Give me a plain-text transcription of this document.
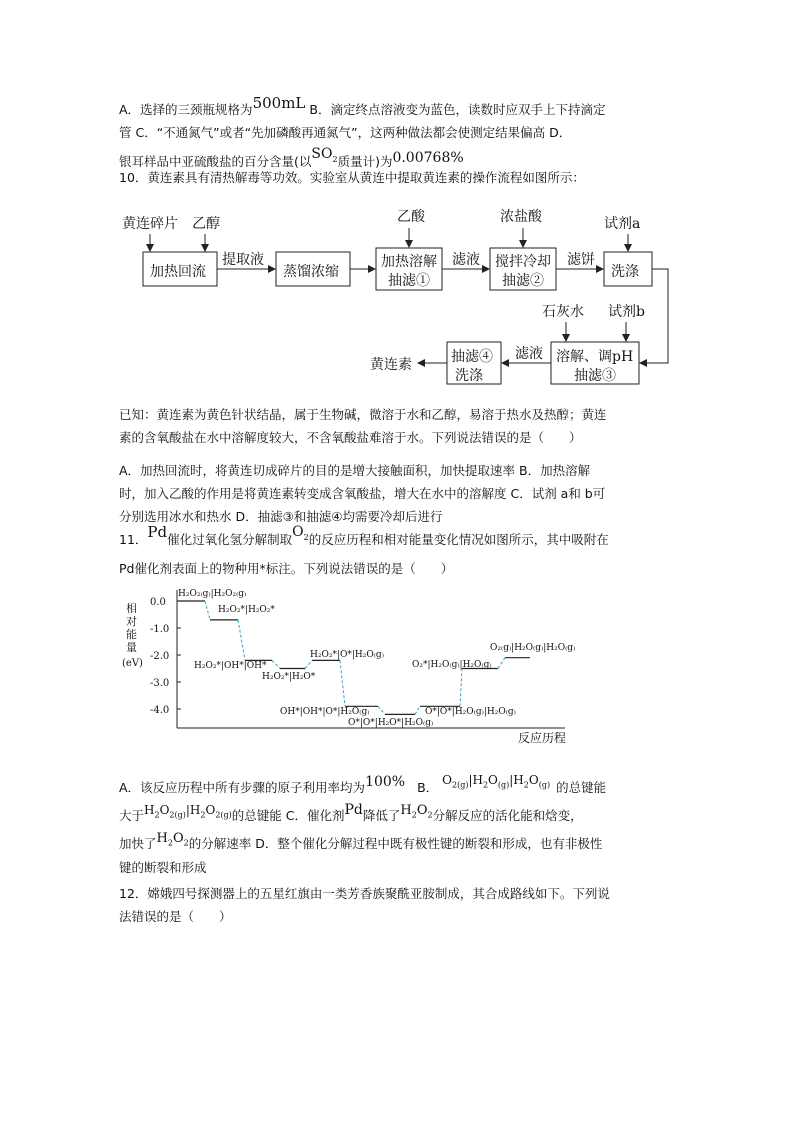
A．选择的三颈瓶规格为500mL B．滴定终点溶液变为蓝色，读数时应双手上下持滴定
管 C．“不通氮气”或者“先加磷酸再通氮气”，这两种做法都会使测定结果偏高 D．
银耳样品中亚硫酸盐的百分含量(以$SO_2$质量计)为0.00768%
10．黄连素具有清热解毒等功效。实验室从黄连中提取黄连素的操作流程如图所示：
黄连碎片 乙醇	乙酸	浓盐酸	试剂a
石灰水 试剂b
加热回流
提取液
蒸馏浓缩
加热溶解
抽滤①
滤液 搅拌冷却
抽滤②
滤饼
洗涤
溶解、调pH
抽滤③
滤液
抽滤④
洗涤
黄连素
已知：黄连素为黄色针状结晶，属于生物碱，微溶于水和乙醇，易溶于热水及热醇；黄连
素的含氧酸盐在水中溶解度较大，不含氧酸盐难溶于水。下列说法错误的是（　　）
A．加热回流时，将黄连切成碎片的目的是增大接触面积，加快提取速率 B．加热溶解
时，加入乙酸的作用是将黄连素转变成含氧酸盐，增大在水中的溶解度 C．试剂 a和 b可
分别选用冰水和热水 D．抽滤③和抽滤④均需要冷却后进行
11．Pd催化过氧化氢分解制取$O_2$的反应历程和相对能量变化情况如图所示，其中吸附在
Pd催化剂表面上的物种用*标注。下列说法错误的是（　　）
相
对
能
量
(eV)
反应历程
0.0
-1.0
-2.0
-3.0
-4.0
H₂O₂₍g₎|H₂O₂₍g₎
H₂O₂*|H₂O₂*
H₂O₂*|OH*|OH*
H₂O₂*|H₂O*
H₂O₂*|O*|H₂O₍g₎
OH*|OH*|O*|H₂O₍g₎
O*|O*|H₂O*|H₂O₍g₎
O*|O*|H₂O₍g₎|H₂O₍g₎
O₂*|H₂O₍g₎|H₂O₍g₎
O₂₍g₎|H₂O₍g₎|H₂O₍g₎
A．该反应历程中所有步骤的原子利用率均为100% B． $O_{2(g)}|H_2O_{(g)}|H_2O_{(g)}$ 的总键能
大于$H_2O_{2(g)}|H_2O_{2(g)}$的总键能 C．催化剂Pd降低了$H_2O_2$分解反应的活化能和焓变，
加快了$H_2O_2$的分解速率 D．整个催化分解过程中既有极性键的断裂和形成，也有非极性
键的断裂和形成
12．嫦娥四号探测器上的五星红旗由一类芳香族聚酰亚胺制成，其合成路线如下。下列说
法错误的是（　　）
